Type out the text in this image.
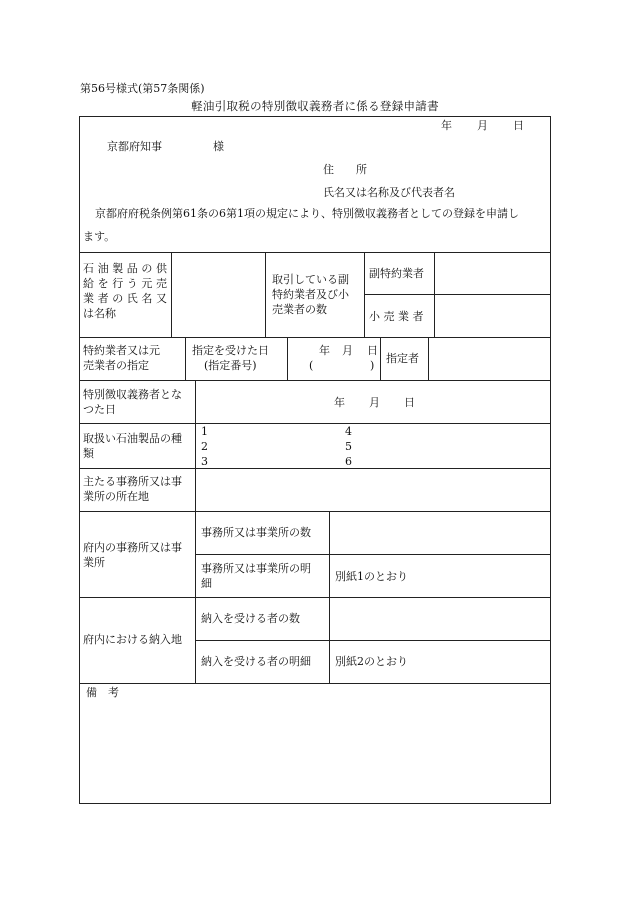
第56号様式(第57条関係)
軽油引取税の特別徴収義務者に係る登録申請書
年 月 日
京都府知事	様
住　　所
氏名又は名称及び代表者名
京都府府税条例第61条の6第1項の規定により、特別徴収義務者としての登録を申請し
ます。
石油製品の供
給を行う元売
業者の氏名又
は名称
取引している副
特約業者及び小
売業者の数
副特約業者
小 売 業 者
特約業者又は元
売業者の指定
指定を受けた日
(指定番号)
年 月 日
(	)
指定者
特別徴収義務者とな
つた日
年 月 日
取扱い石油製品の種
類
1
2
3
4
5
6
主たる事務所又は事
業所の所在地
府内の事務所又は事
業所
事務所又は事業所の数
事務所又は事業所の明
細
別紙1のとおり
府内における納入地
納入を受ける者の数
納入を受ける者の明細 別紙2のとおり
備　考
